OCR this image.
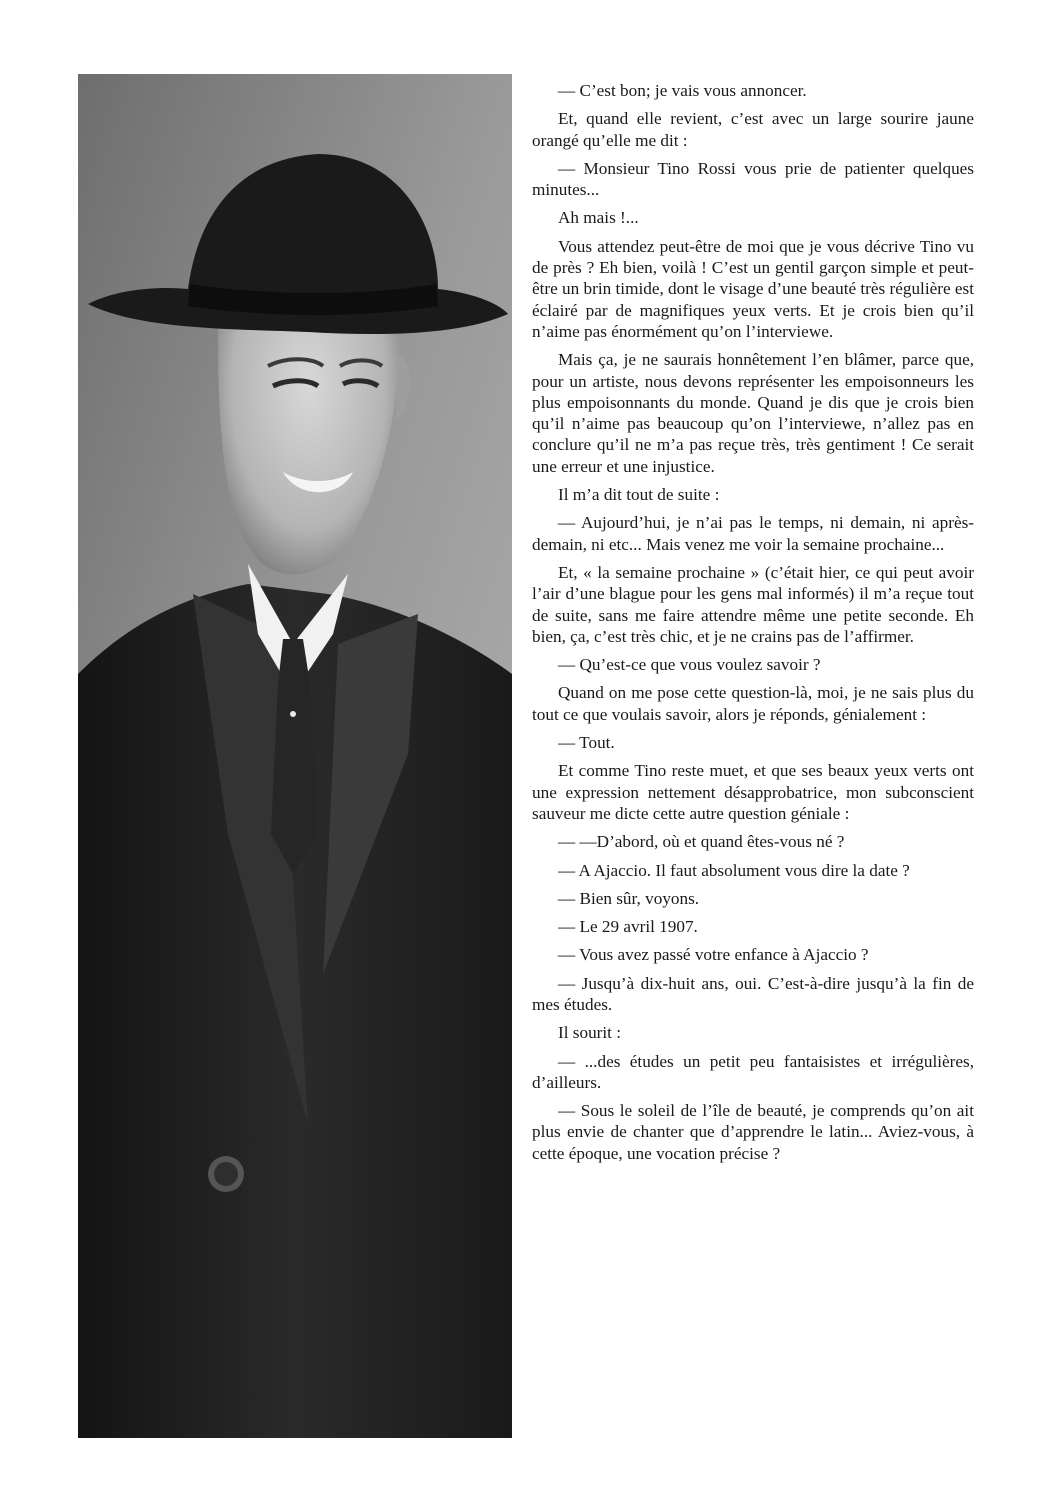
— C’est bon; je vais vous annoncer.

Et, quand elle revient, c’est avec un large sourire jaune orangé qu’elle me dit :

— Monsieur Tino Rossi vous prie de patienter quelques minutes...

Ah mais !...

Vous attendez peut-être de moi que je vous décrive Tino vu de près ? Eh bien, voilà ! C’est un gentil garçon simple et peut-être un brin timide, dont le visage d’une beauté très régulière est éclairé par de magnifiques yeux verts. Et je crois bien qu’il n’aime pas énormément qu’on l’interviewe.

Mais ça, je ne saurais honnêtement l’en blâmer, parce que, pour un artiste, nous devons représenter les empoisonneurs les plus empoisonnants du monde. Quand je dis que je crois bien qu’il n’aime pas beaucoup qu’on l’interviewe, n’allez pas en conclure qu’il ne m’a pas reçue très, très gentiment ! Ce serait une erreur et une injustice.

Il m’a dit tout de suite :

— Aujourd’hui, je n’ai pas le temps, ni demain, ni après-demain, ni etc... Mais venez me voir la semaine prochaine...

Et, « la semaine prochaine » (c’était hier, ce qui peut avoir l’air d’une blague pour les gens mal informés) il m’a reçue tout de suite, sans me faire attendre même une petite seconde. Eh bien, ça, c’est très chic, et je ne crains pas de l’affirmer.

— Qu’est-ce que vous voulez savoir ?

Quand on me pose cette question-là, moi, je ne sais plus du tout ce que voulais savoir, alors je réponds, génialement :

— Tout.

Et comme Tino reste muet, et que ses beaux yeux verts ont une expression nettement désapprobatrice, mon subconscient sauveur me dicte cette autre question géniale :

— —D’abord, où et quand êtes-vous né ?

— A Ajaccio. Il faut absolument vous dire la date ?

— Bien sûr, voyons.

— Le 29 avril 1907.

— Vous avez passé votre enfance à Ajaccio ?

— Jusqu’à dix-huit ans, oui. C’est-à-dire jusqu’à la fin de mes études.

Il sourit :

— ...des études un petit peu fantaisistes et irrégulières, d’ailleurs.

— Sous le soleil de l’île de beauté, je comprends qu’on ait plus envie de chanter que d’apprendre le latin... Aviez-vous, à cette époque, une vocation précise ?
